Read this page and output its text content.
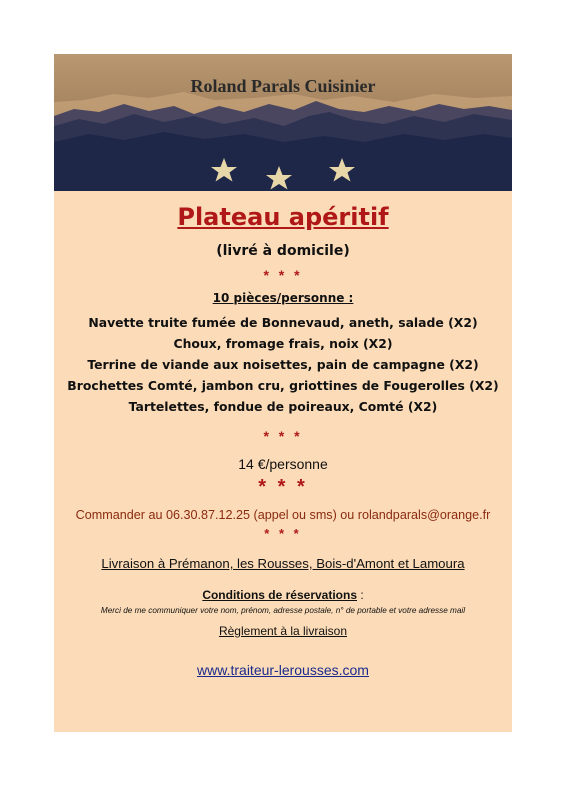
Roland Parals Cuisinier
Plateau apéritif
(livré à domicile)
* * *
10 pièces/personne :
Navette truite fumée de Bonnevaud, aneth, salade (X2)
Choux, fromage frais, noix (X2)
Terrine de viande aux noisettes, pain de campagne (X2)
Brochettes Comté, jambon cru, griottines de Fougerolles (X2)
Tartelettes, fondue de poireaux, Comté (X2)
* * *
14 €/personne
* * *
Commander au 06.30.87.12.25 (appel ou sms) ou rolandparals@orange.fr
* * *
Livraison à Prémanon, les Rousses, Bois-d'Amont et Lamoura
Conditions de réservations :
Merci de me communiquer votre nom, prénom, adresse postale, n° de portable et votre adresse mail
Règlement à la livraison
www.traiteur-lerousses.com
